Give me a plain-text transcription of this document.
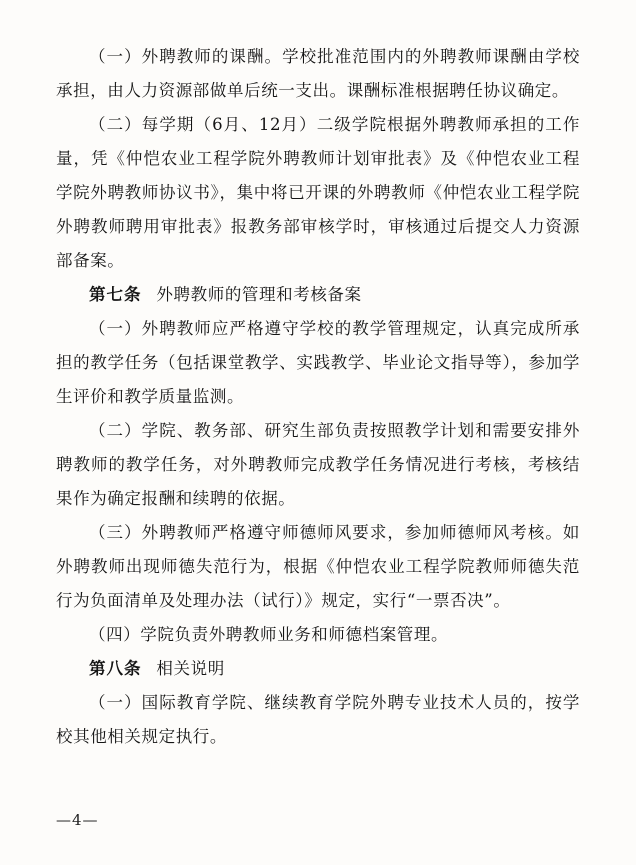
（一）外聘教师的课酬。学校批准范围内的外聘教师课酬由学校承担，由人力资源部做单后统一支出。课酬标准根据聘任协议确定。

（二）每学期（6月、12月）二级学院根据外聘教师承担的工作量，凭《仲恺农业工程学院外聘教师计划审批表》及《仲恺农业工程学院外聘教师协议书》，集中将已开课的外聘教师《仲恺农业工程学院外聘教师聘用审批表》报教务部审核学时，审核通过后提交人力资源部备案。

第七条 外聘教师的管理和考核备案

（一）外聘教师应严格遵守学校的教学管理规定，认真完成所承担的教学任务（包括课堂教学、实践教学、毕业论文指导等），参加学生评价和教学质量监测。

（二）学院、教务部、研究生部负责按照教学计划和需要安排外聘教师的教学任务，对外聘教师完成教学任务情况进行考核，考核结果作为确定报酬和续聘的依据。

（三）外聘教师严格遵守师德师风要求，参加师德师风考核。如外聘教师出现师德失范行为，根据《仲恺农业工程学院教师师德失范行为负面清单及处理办法（试行）》规定，实行“一票否决”。

（四）学院负责外聘教师业务和师德档案管理。

第八条 相关说明

（一）国际教育学院、继续教育学院外聘专业技术人员的，按学校其他相关规定执行。

—4—
